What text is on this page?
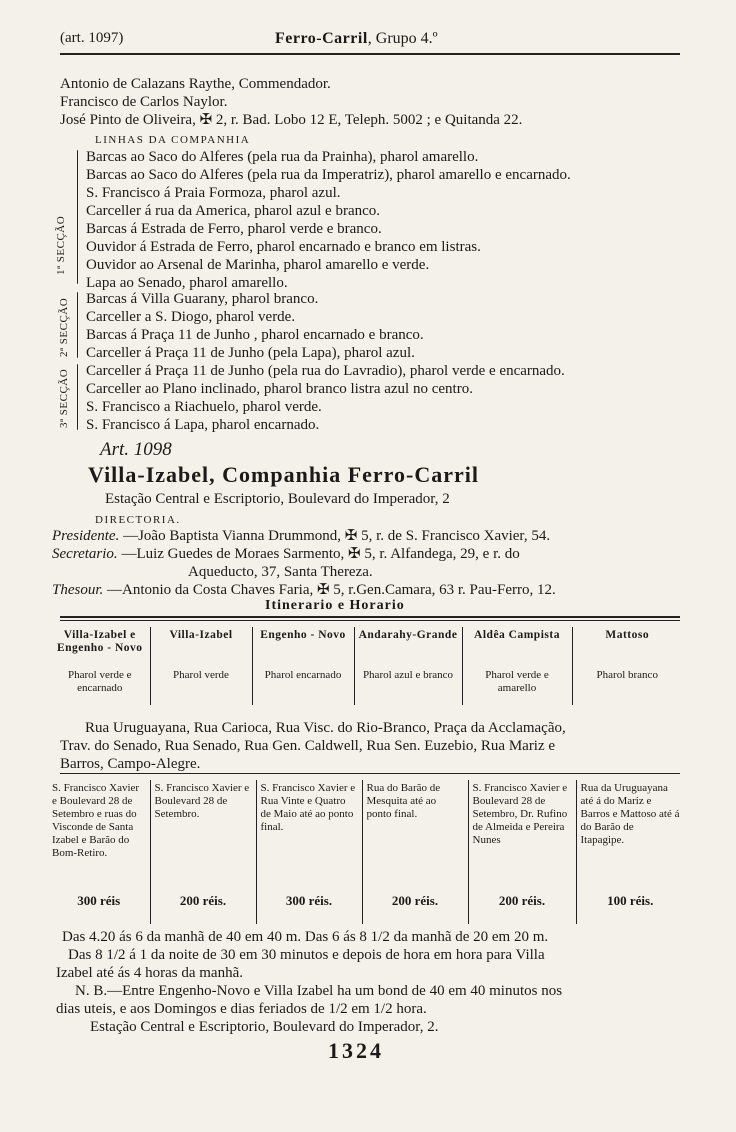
(art. 1097)	Ferro-Carril, Grupo 4.º
Antonio de Calazans Raythe, Commendador.
Francisco de Carlos Naylor.
José Pinto de Oliveira, ✠ 2, r. Bad. Lobo 12 E, Teleph. 5002 ; e Quitanda 22.
LINHAS DA COMPANHIA
1ª SECÇÃO
Barcas ao Saco do Alferes (pela rua da Prainha), pharol amarello.
Barcas ao Saco do Alferes (pela rua da Imperatriz), pharol amarello e encarnado.
S. Francisco á Praia Formoza, pharol azul.
Carceller á rua da America, pharol azul e branco.
Barcas á Estrada de Ferro, pharol verde e branco.
Ouvidor á Estrada de Ferro, pharol encarnado e branco em listras.
Ouvidor ao Arsenal de Marinha, pharol amarello e verde.
Lapa ao Senado, pharol amarello.
2ª SECÇÃO Barcas á Villa Guarany, pharol branco.
Carceller a S. Diogo, pharol verde.
Barcas á Praça 11 de Junho , pharol encarnado e branco.
Carceller á Praça 11 de Junho (pela Lapa), pharol azul.
3ª SECÇÃO Carceller á Praça 11 de Junho (pela rua do Lavradio), pharol verde e encarnado.
Carceller ao Plano inclinado, pharol branco listra azul no centro.
S. Francisco a Riachuelo, pharol verde.
S. Francisco á Lapa, pharol encarnado.
Art. 1098
Villa-Izabel, Companhia Ferro-Carril
Estação Central e Escriptorio, Boulevard do Imperador, 2
DIRECTORIA.
Presidente. —João Baptista Vianna Drummond, ✠ 5, r. de S. Francisco Xavier, 54.
Secretario. —Luiz Guedes de Moraes Sarmento, ✠ 5, r. Alfandega, 29, e r. do
Aqueducto, 37, Santa Thereza.
Thesour. —Antonio da Costa Chaves Faria, ✠ 5, r.Gen.Camara, 63 r. Pau-Ferro, 12.
Itinerario e Horario
Villa-Izabel e Engenho - Novo	Villa-Izabel	Engenho - Novo	Andarahy-Grande	Aldêa Campista	Mattoso
Pharol verde e encarnado	Pharol verde	Pharol encarnado	Pharol azul e branco	Pharol verde e amarello	Pharol branco
Rua Uruguayana, Rua Carioca, Rua Visc. do Rio-Branco, Praça da Acclamação,
Trav. do Senado, Rua Senado, Rua Gen. Caldwell, Rua Sen. Euzebio, Rua Mariz e
Barros, Campo-Alegre.
S. Francisco Xavier e Boulevard 28 de Setembro e ruas do Visconde de Santa Izabel e Barão do Bom-Retiro.	S. Francisco Xavier e Boulevard 28 de Setembro.	S. Francisco Xavier e Rua Vinte e Quatro de Maio até ao ponto final.	Rua do Barão de Mesquita até ao ponto final.	S. Francisco Xavier e Boulevard 28 de Setembro, Dr. Rufino de Almeida e Pereira Nunes	Rua da Uruguayana até á do Mariz e Barros e Mattoso até á do Barão de Itapagipe.
300 réis	200 réis.	300 réis.	200 réis.	200 réis.	100 réis.
Das 4.20 ás 6 da manhã de 40 em 40 m. Das 6 ás 8 1/2 da manhã de 20 em 20 m.
Das 8 1/2 á 1 da noite de 30 em 30 minutos e depois de hora em hora para Villa
Izabel até ás 4 horas da manhã.
N. B.—Entre Engenho-Novo e Villa Izabel ha um bond de 40 em 40 minutos nos
dias uteis, e aos Domingos e dias feriados de 1/2 em 1/2 hora.
Estação Central e Escriptorio, Boulevard do Imperador, 2.
1324
